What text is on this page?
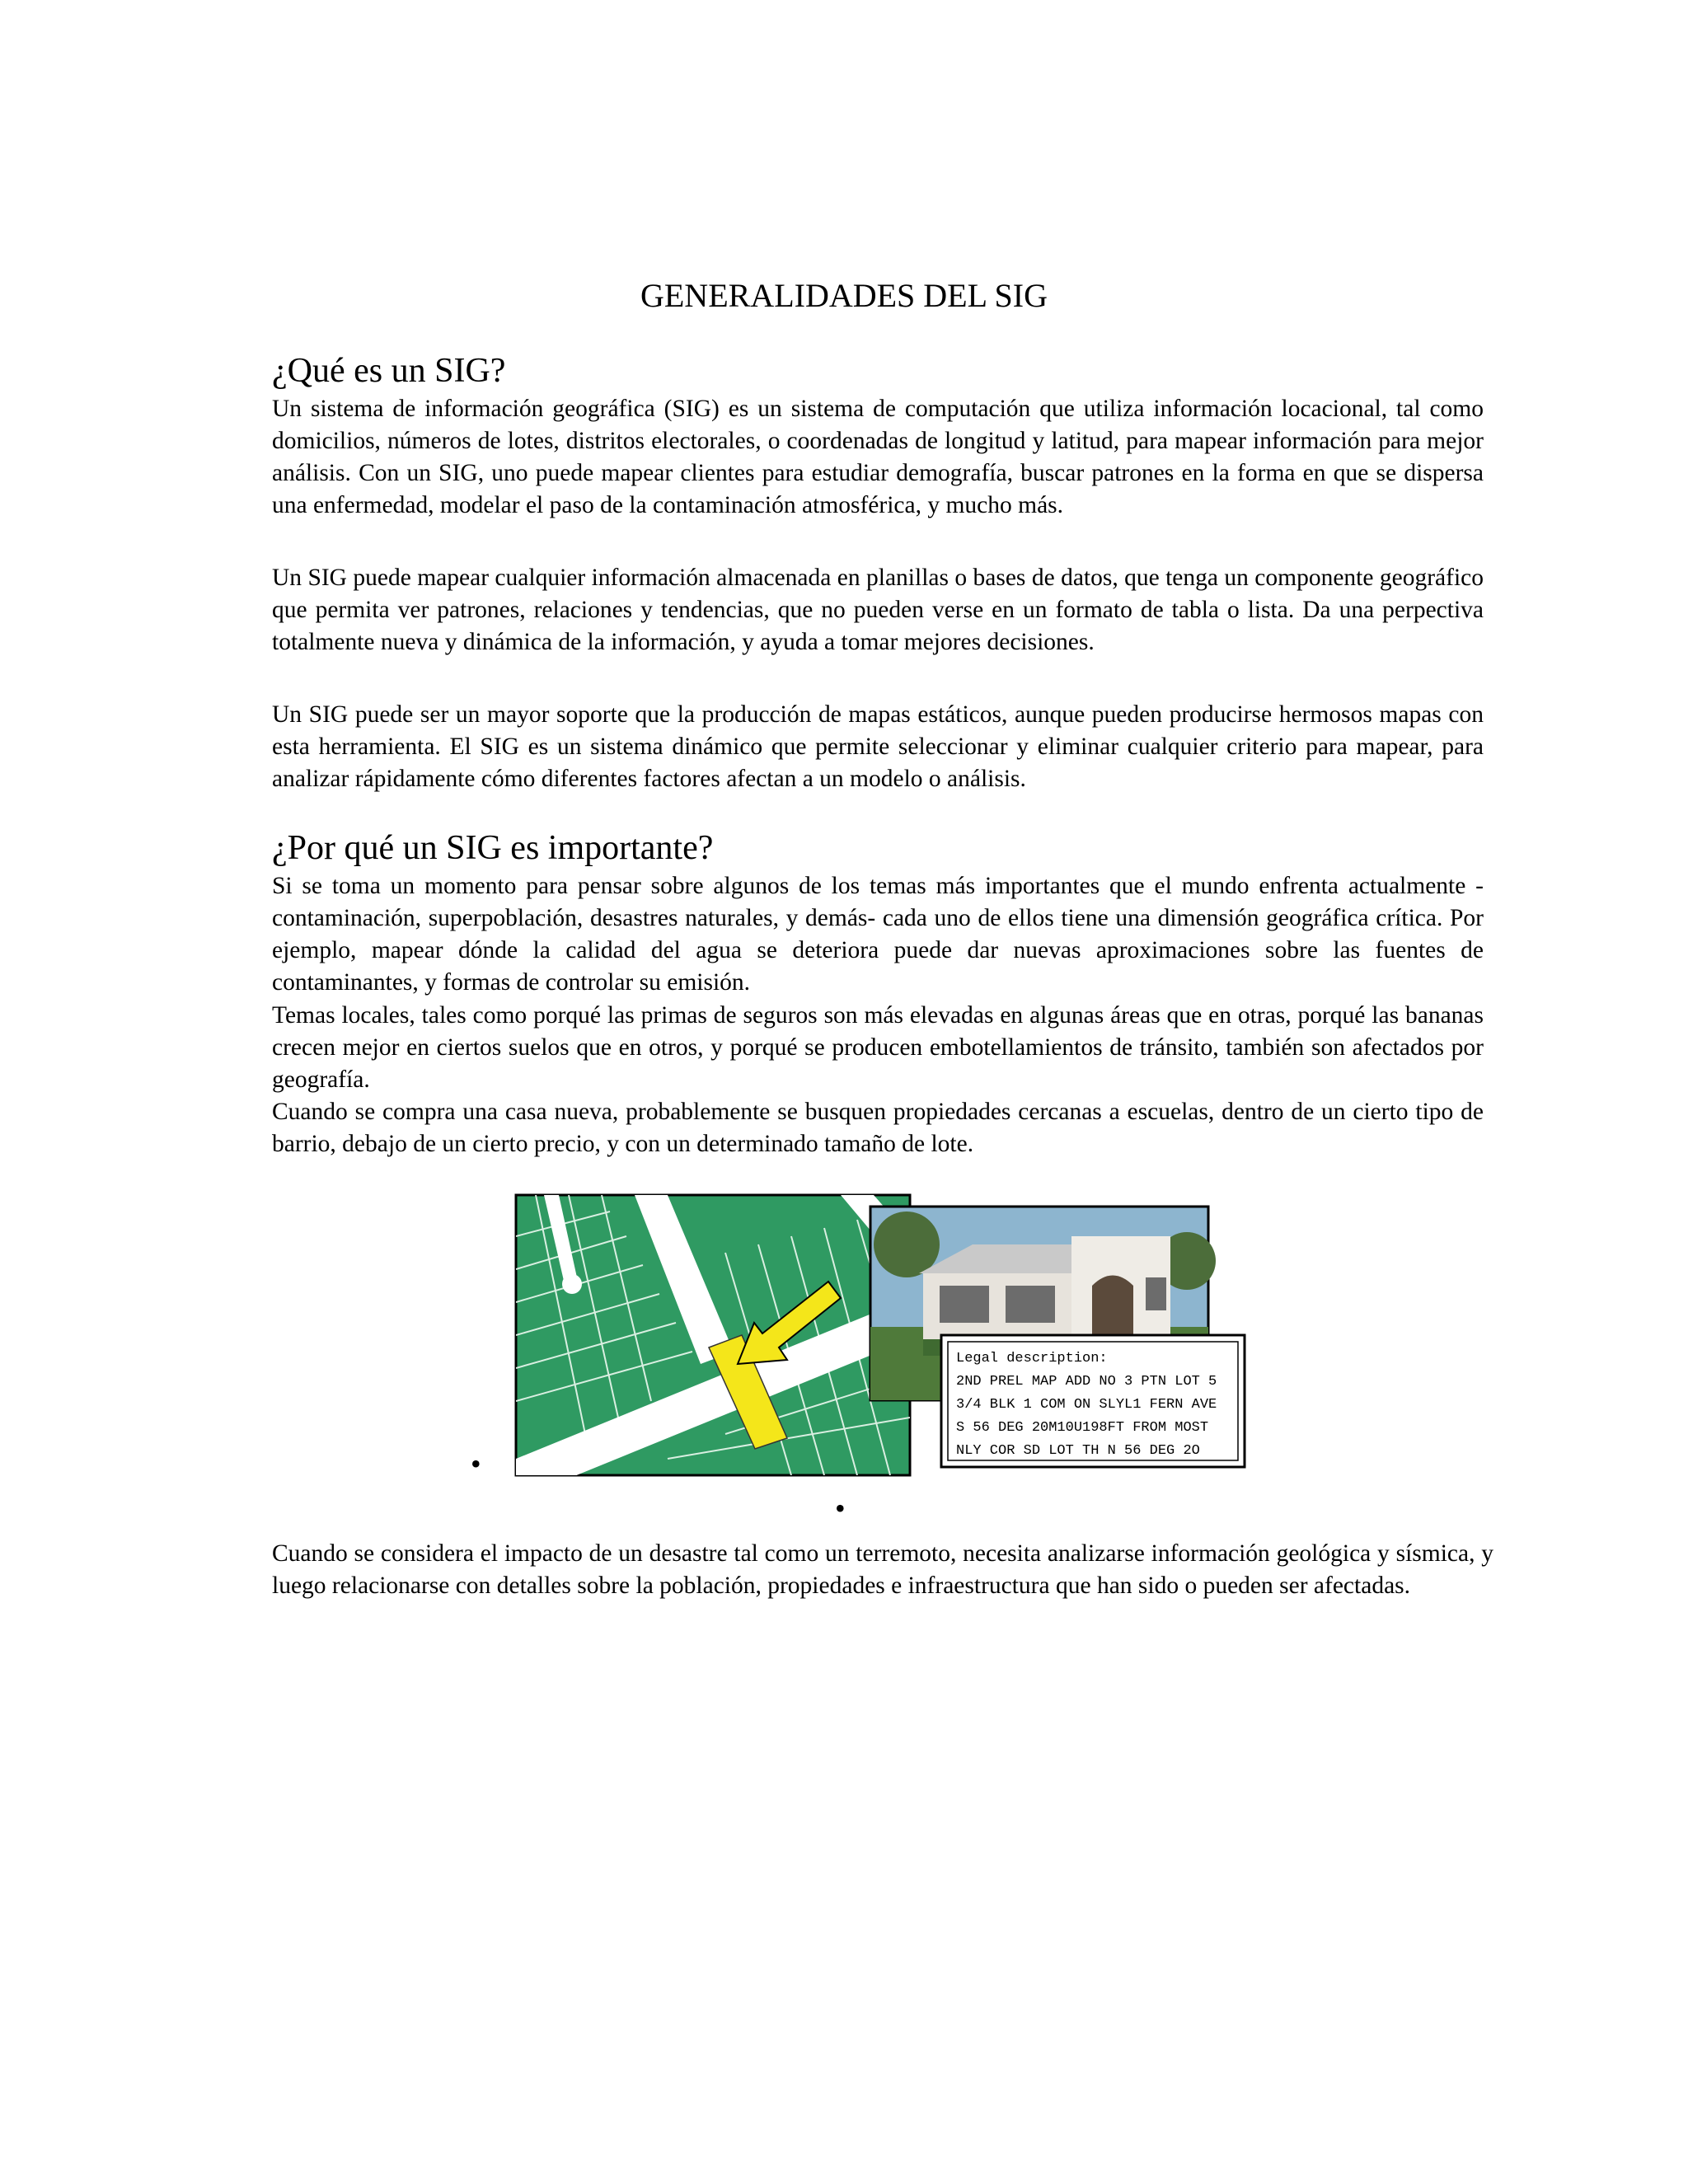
GENERALIDADES DEL SIG
¿Qué es un SIG?
Un sistema de información geográfica (SIG) es un sistema de computación que utiliza información locacional, tal como domicilios, números de lotes, distritos electorales, o coordenadas de longitud y latitud, para mapear información para mejor análisis. Con un SIG, uno puede mapear clientes para estudiar demografía, buscar patrones en la forma en que se dispersa una enfermedad, modelar el paso de la contaminación atmosférica, y mucho más.
Un SIG puede mapear cualquier información almacenada en planillas o bases de datos, que tenga un componente geográfico que permita ver patrones, relaciones y tendencias, que no pueden verse en un formato de tabla o lista. Da una perpectiva totalmente nueva y dinámica de la información, y ayuda a tomar mejores decisiones.
Un SIG puede ser un mayor soporte que la producción de mapas estáticos, aunque pueden producirse hermosos mapas con esta herramienta. El SIG es un sistema dinámico que permite seleccionar y eliminar cualquier criterio para mapear, para analizar rápidamente cómo diferentes factores afectan a un modelo o análisis.
¿Por qué un SIG es importante?
Si se toma un momento para pensar sobre algunos de los temas más importantes que el mundo enfrenta actualmente -contaminación, superpoblación, desastres naturales, y demás- cada uno de ellos tiene una dimensión geográfica crítica. Por ejemplo, mapear dónde la calidad del agua se deteriora puede dar nuevas aproximaciones sobre las fuentes de contaminantes, y formas de controlar su emisión.
Temas locales, tales como porqué las primas de seguros son más elevadas en algunas áreas que en otras, porqué las bananas crecen mejor en ciertos suelos que en otros, y porqué se producen embotellamientos de tránsito, también son afectados por geografía.
Cuando se compra una casa nueva, probablemente se busquen propiedades cercanas a escuelas, dentro de un cierto tipo de barrio, debajo de un cierto precio, y con un determinado tamaño de lote.
Legal description:
2ND PREL MAP ADD NO 3 PTN LOT 5
3/4 BLK 1 COM ON SLYL1 FERN AVE
S 56 DEG 20M10U198FT FROM MOST
NLY COR SD LOT TH N 56 DEG 2O
•
•
Cuando se considera el impacto de un desastre tal como un terremoto, necesita analizarse información geológica y sísmica, y luego relacionarse con detalles sobre la población, propiedades e infraestructura que han sido o pueden ser afectadas.
